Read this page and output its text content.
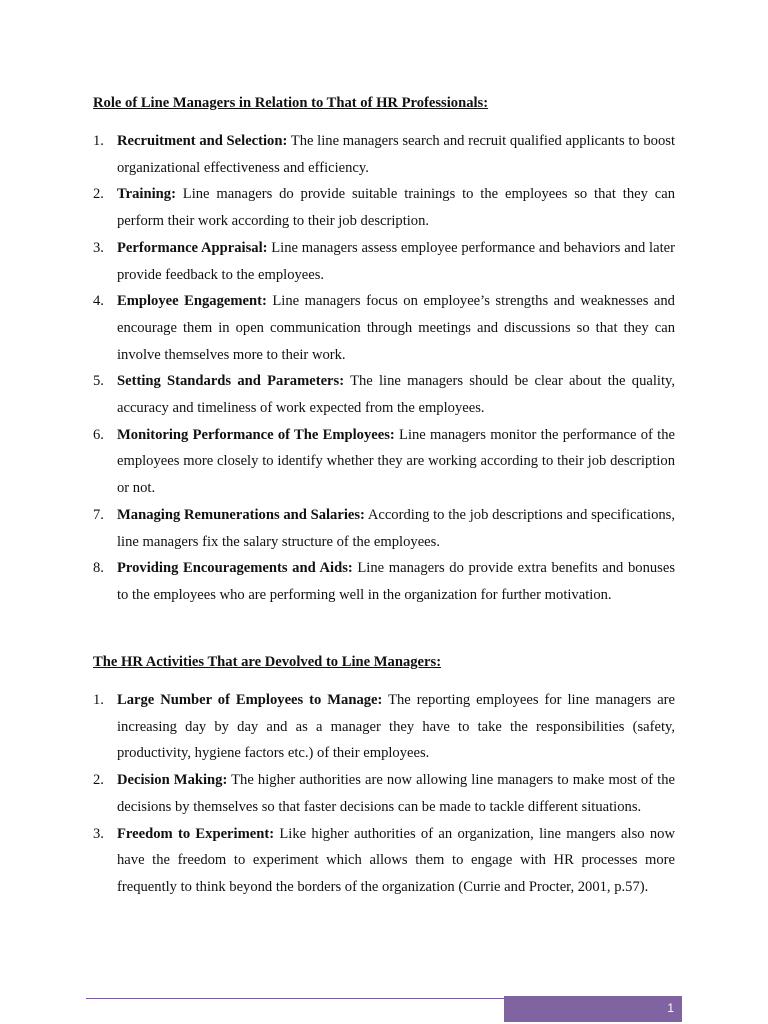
Role of Line Managers in Relation to That of HR Professionals:
1. Recruitment and Selection: The line managers search and recruit qualified applicants to boost organizational effectiveness and efficiency.
2. Training: Line managers do provide suitable trainings to the employees so that they can perform their work according to their job description.
3. Performance Appraisal: Line managers assess employee performance and behaviors and later provide feedback to the employees.
4. Employee Engagement: Line managers focus on employee’s strengths and weaknesses and encourage them in open communication through meetings and discussions so that they can involve themselves more to their work.
5. Setting Standards and Parameters: The line managers should be clear about the quality, accuracy and timeliness of work expected from the employees.
6. Monitoring Performance of The Employees: Line managers monitor the performance of the employees more closely to identify whether they are working according to their job description or not.
7. Managing Remunerations and Salaries: According to the job descriptions and specifications, line managers fix the salary structure of the employees.
8. Providing Encouragements and Aids: Line managers do provide extra benefits and bonuses to the employees who are performing well in the organization for further motivation.
The HR Activities That are Devolved to Line Managers:
1. Large Number of Employees to Manage: The reporting employees for line managers are increasing day by day and as a manager they have to take the responsibilities (safety, productivity, hygiene factors etc.) of their employees.
2. Decision Making: The higher authorities are now allowing line managers to make most of the decisions by themselves so that faster decisions can be made to tackle different situations.
3. Freedom to Experiment: Like higher authorities of an organization, line mangers also now have the freedom to experiment which allows them to engage with HR processes more frequently to think beyond the borders of the organization (Currie and Procter, 2001, p.57).
1
